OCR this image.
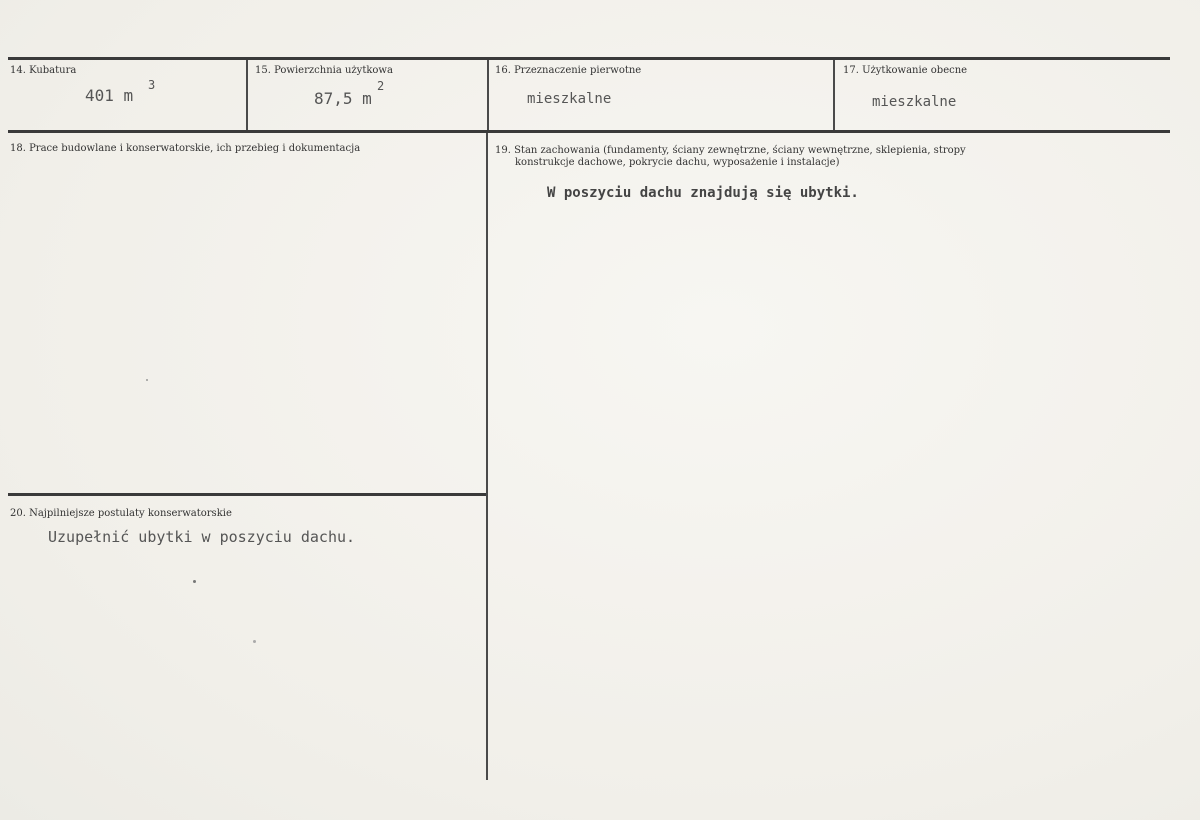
14. Kubatura
401 m
3
15. Powierzchnia użytkowa
87,5 m
2
16. Przeznaczenie pierwotne
mieszkalne
17. Użytkowanie obecne
mieszkalne
18. Prace budowlane i konserwatorskie, ich przebieg i dokumentacja	19. Stan zachowania (fundamenty, ściany zewnętrzne, ściany wewnętrzne, sklepienia, stropy
konstrukcje dachowe, pokrycie dachu, wyposażenie i instalacje)
W poszyciu dachu znajdują się ubytki.
20. Najpilniejsze postulaty konserwatorskie
Uzupełnić ubytki w poszyciu dachu.
